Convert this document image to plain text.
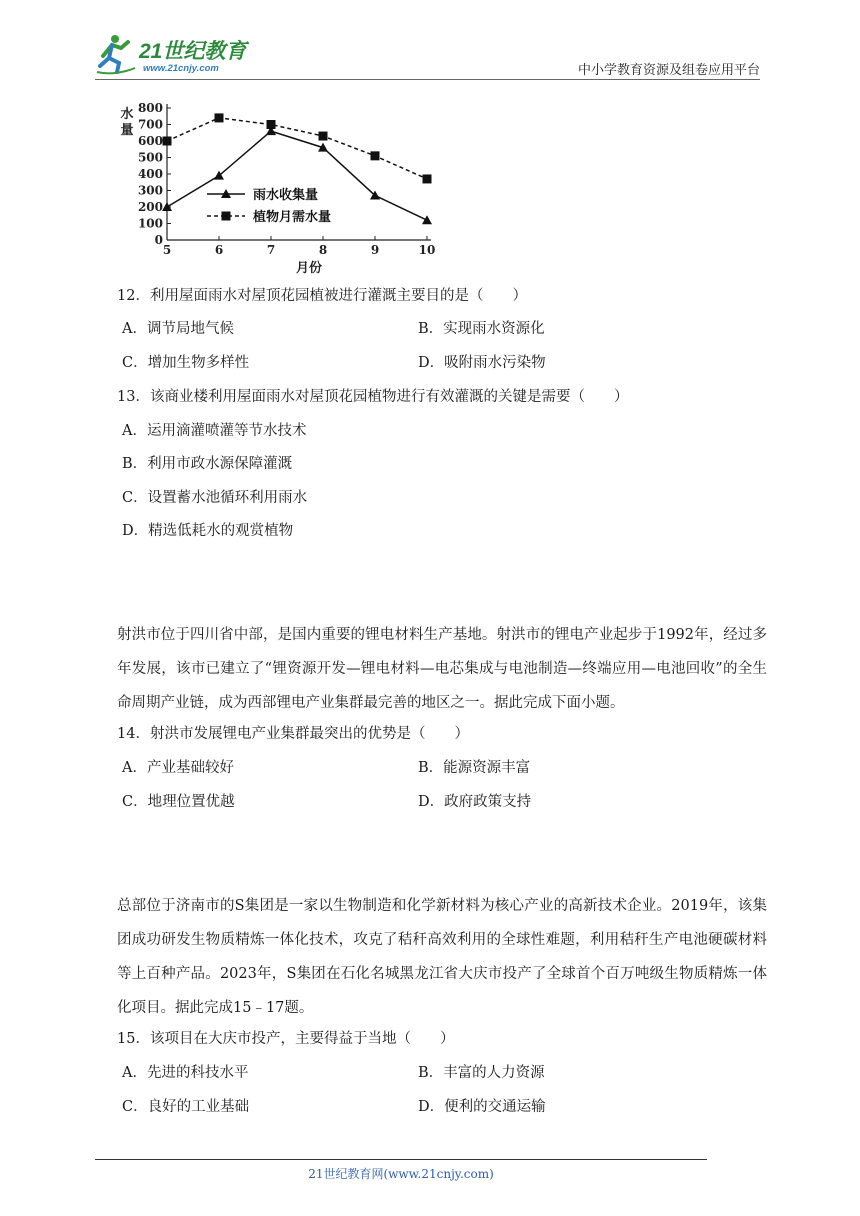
21世纪教育
www.21cnjy.com	中小学教育资源及组卷应用平台
0
100
200
300
400
500
600
700
800
5	6	7	8	9	10
水
量
月份
雨水收集量
植物月需水量
12．利用屋面雨水对屋顶花园植被进行灌溉主要目的是（　　）
A．调节局地气候	B．实现雨水资源化
C．增加生物多样性	D．吸附雨水污染物
13．该商业楼利用屋面雨水对屋顶花园植物进行有效灌溉的关键是需要（　　）
A．运用滴灌喷灌等节水技术
B．利用市政水源保障灌溉
C．设置蓄水池循环利用雨水
D．精选低耗水的观赏植物
射洪市位于四川省中部，是国内重要的锂电材料生产基地。射洪市的锂电产业起步于1992年，经过多年发展，该市已建立了“锂资源开发—锂电材料—电芯集成与电池制造—终端应用—电池回收”的全生命周期产业链，成为西部锂电产业集群最完善的地区之一。据此完成下面小题。
14．射洪市发展锂电产业集群最突出的优势是（　　）
A．产业基础较好	B．能源资源丰富
C．地理位置优越	D．政府政策支持
总部位于济南市的S集团是一家以生物制造和化学新材料为核心产业的高新技术企业。2019年，该集团成功研发生物质精炼一体化技术，攻克了秸秆高效利用的全球性难题，利用秸秆生产电池硬碳材料等上百种产品。2023年，S集团在石化名城黑龙江省大庆市投产了全球首个百万吨级生物质精炼一体化项目。据此完成15﹣17题。
15．该项目在大庆市投产，主要得益于当地（　　）
A．先进的科技水平	B．丰富的人力资源
C．良好的工业基础	D．便利的交通运输
21世纪教育网(www.21cnjy.com)
